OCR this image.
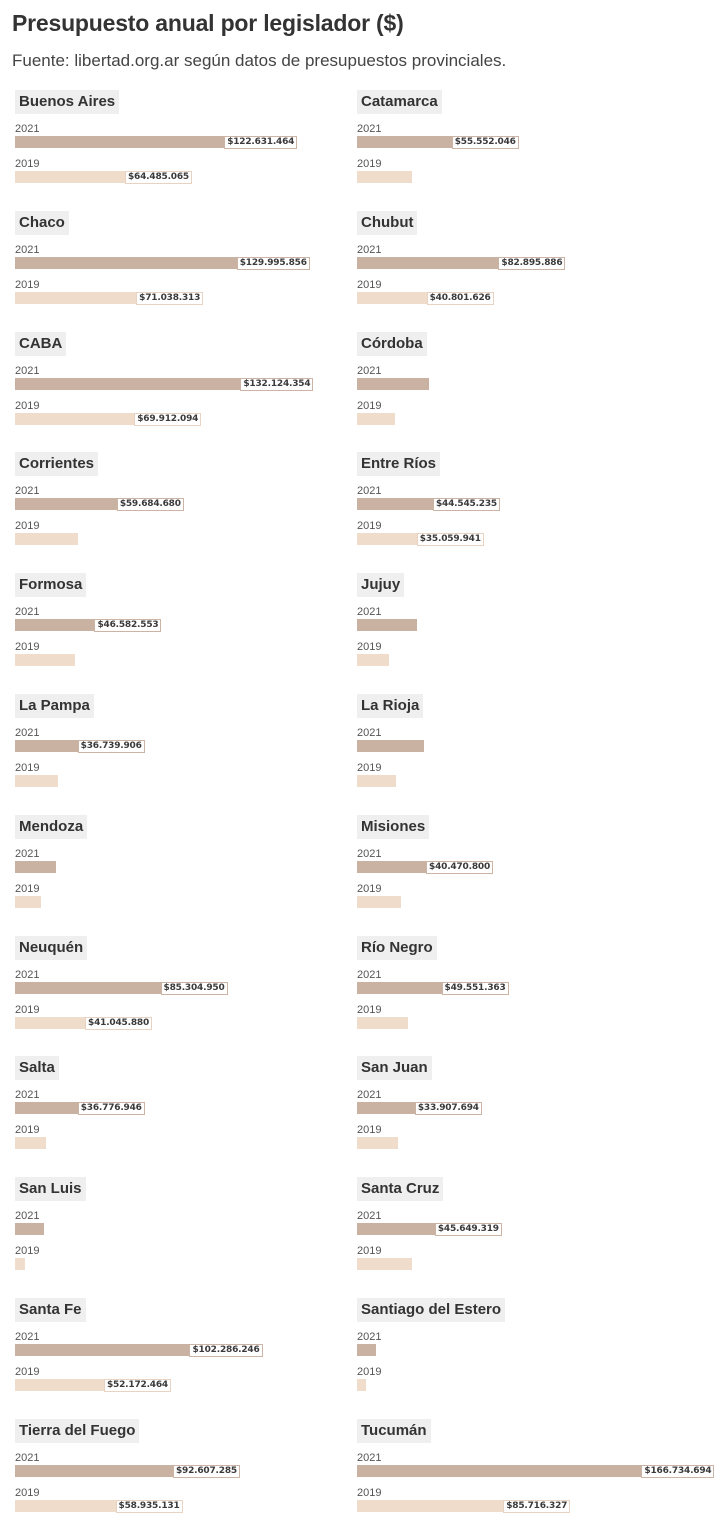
Presupuesto anual por legislador ($)
Fuente: libertad.org.ar según datos de presupuestos provinciales.
Buenos Aires
2021
$122.631.464
2019
$64.485.065
Catamarca
2021
$55.552.046
2019
Chaco
2021
$129.995.856
2019
$71.038.313
Chubut
2021
$82.895.886
2019
$40.801.626
CABA
2021
$132.124.354
2019
$69.912.094
Córdoba
2021
2019
Corrientes
2021
$59.684.680
2019
Entre Ríos
2021
$44.545.235
2019
$35.059.941
Formosa
2021
$46.582.553
2019
Jujuy
2021
2019
La Pampa
2021
$36.739.906
2019
La Rioja
2021
2019
Mendoza
2021
2019
Misiones
2021
$40.470.800
2019
Neuquén
2021
$85.304.950
2019
$41.045.880
Río Negro
2021
$49.551.363
2019
Salta
2021
$36.776.946
2019
San Juan
2021
$33.907.694
2019
San Luis
2021
2019
Santa Cruz
2021
$45.649.319
2019
Santa Fe
2021
$102.286.246
2019
$52.172.464
Santiago del Estero
2021
2019
Tierra del Fuego
2021
$92.607.285
2019
$58.935.131
Tucumán
2021
$166.734.694
2019
$85.716.327
